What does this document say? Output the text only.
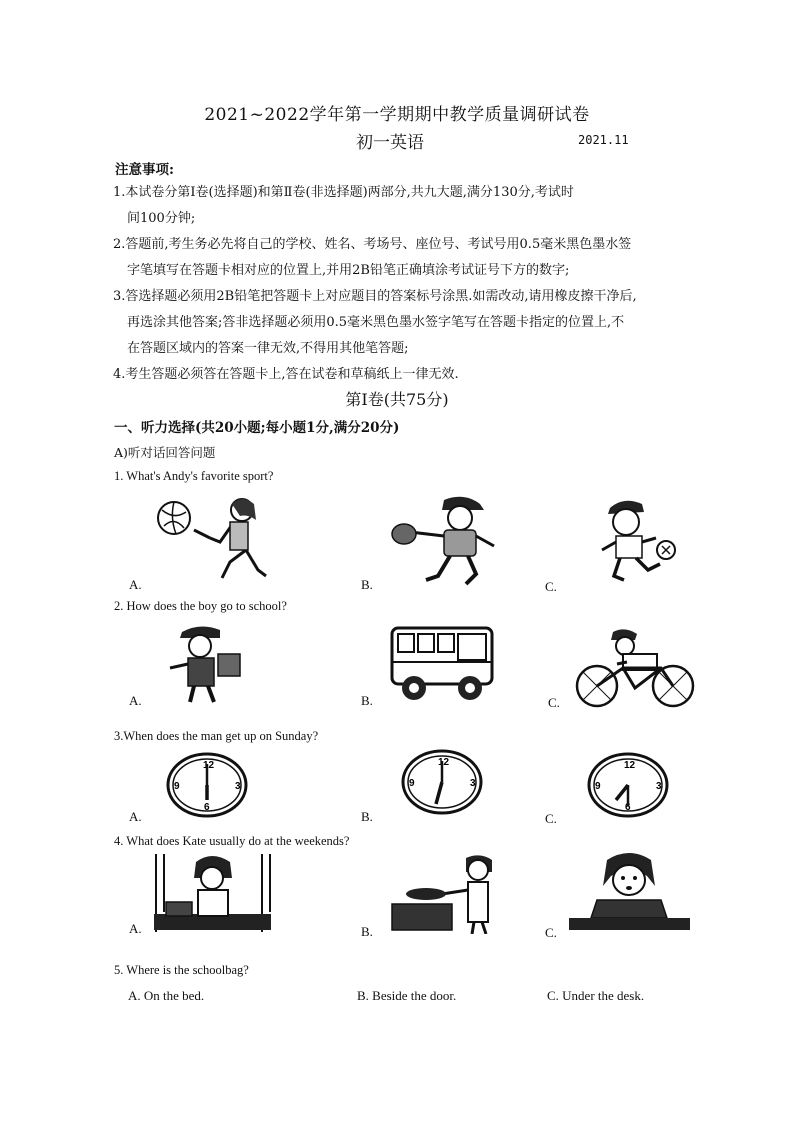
2021~2022学年第一学期期中教学质量调研试卷
初一英语	2021.11
注意事项:
1.本试卷分第Ⅰ卷(选择题)和第Ⅱ卷(非选择题)两部分,共九大题,满分130分,考试时
间100分钟;
2.答题前,考生务必先将自己的学校、姓名、考场号、座位号、考试号用0.5毫米黑色墨水签
字笔填写在答题卡相对应的位置上,并用2B铅笔正确填涂考试证号下方的数字;
3.答选择题必须用2B铅笔把答题卡上对应题目的答案标号涂黑.如需改动,请用橡皮擦干净后,
再选涂其他答案;答非选择题必须用0.5毫米黑色墨水签字笔写在答题卡指定的位置上,不
在答题区域内的答案一律无效,不得用其他笔答题;
4.考生答题必须答在答题卡上,答在试卷和草稿纸上一律无效.
第Ⅰ卷(共75分)
一、听力选择(共20小题;每小题1分,满分20分)
A)听对话回答问题
1. What's Andy's favorite sport?
A.	B.	C.
2. How does the boy go to school?
A.	B.	C.
3.When does the man get up on Sunday?
12
9	3
6
A.
12
9	3
B.
12
9	3
6
C.
4. What does Kate usually do at the weekends?
A.	B.	C.
5. Where is the schoolbag?
A. On the bed.	B. Beside the door.	C. Under the desk.
